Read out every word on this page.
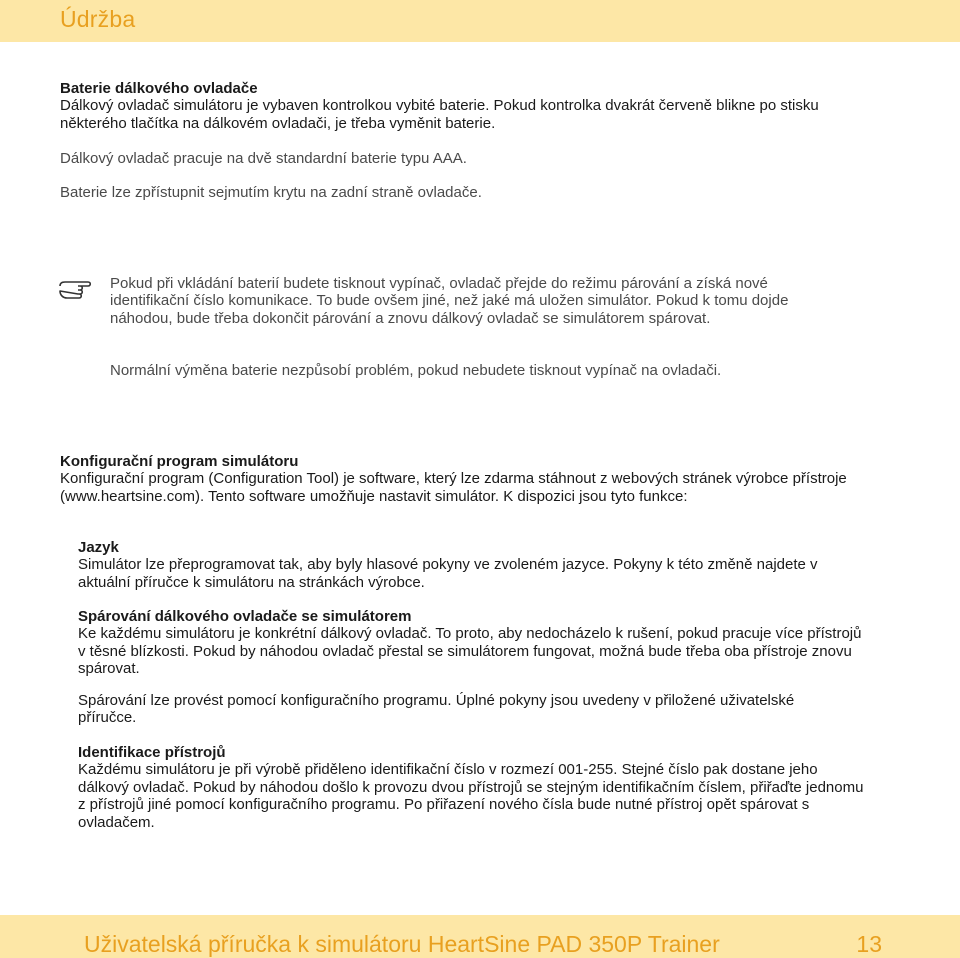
Údržba

Baterie dálkového ovladače

Dálkový ovladač simulátoru je vybaven kontrolkou vybité baterie. Pokud kontrolka dvakrát červeně blikne po stisku některého tlačítka na dálkovém ovladači, je třeba vyměnit baterie.

Dálkový ovladač pracuje na dvě standardní baterie typu AAA.
Baterie lze zpřístupnit sejmutím krytu na zadní straně ovladače.
Pokud při vkládání baterií budete tisknout vypínač, ovladač přejde do režimu párování a získá nové identifikační číslo komunikace. To bude ovšem jiné, než jaké má uložen simulátor. Pokud k tomu dojde náhodou, bude třeba dokončit párování a znovu dálkový ovladač se simulátorem spárovat.
Normální výměna baterie nezpůsobí problém, pokud nebudete tisknout vypínač na ovladači.

Konfigurační program simulátoru

Konfigurační program (Configuration Tool) je software, který lze zdarma stáhnout z webových stránek výrobce přístroje (www.heartsine.com). Tento software umožňuje nastavit simulátor. K dispozici jsou tyto funkce:

Jazyk

Simulátor lze přeprogramovat tak, aby byly hlasové pokyny ve zvoleném jazyce. Pokyny k této změně najdete v aktuální příručce k simulátoru na stránkách výrobce.

Spárování dálkového ovladače se simulátorem

Ke každému simulátoru je konkrétní dálkový ovladač. To proto, aby nedocházelo k rušení, pokud pracuje více přístrojů v těsné blízkosti. Pokud by náhodou ovladač přestal se simulátorem fungovat, možná bude třeba oba přístroje znovu spárovat.

Spárování lze provést pomocí konfiguračního programu. Úplné pokyny jsou uvedeny v přiložené uživatelské příručce.

Identifikace přístrojů

Každému simulátoru je při výrobě přiděleno identifikační číslo v rozmezí 001-255. Stejné číslo pak dostane jeho dálkový ovladač. Pokud by náhodou došlo k provozu dvou přístrojů se stejným identifikačním číslem, přiřaďte jednomu z přístrojů jiné pomocí konfiguračního programu. Po přiřazení nového čísla bude nutné přístroj opět spárovat s ovladačem.

Uživatelská příručka k simulátoru HeartSine PAD 350P Trainer	13
